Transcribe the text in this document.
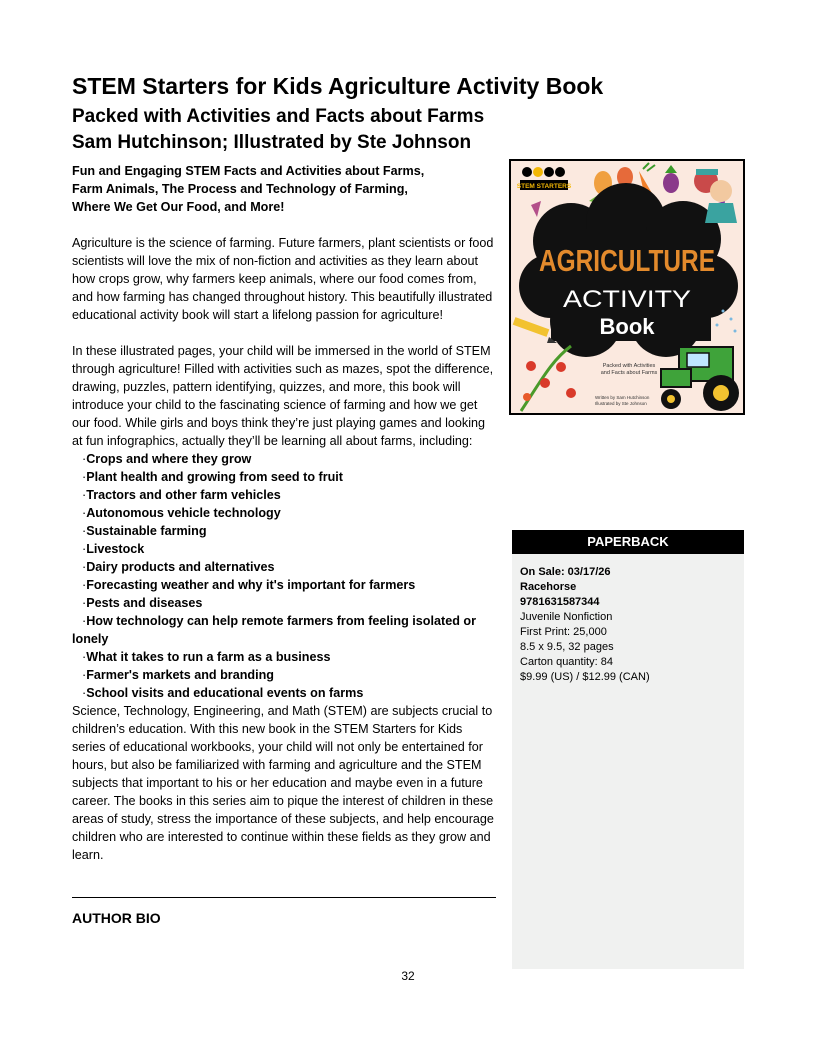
STEM Starters for Kids Agriculture Activity Book
Packed with Activities and Facts about Farms
Sam Hutchinson; Illustrated by Ste Johnson

Fun and Engaging STEM Facts and Activities about Farms,
Farm Animals, The Process and Technology of Farming,
Where We Get Our Food, and More!

Agriculture is the science of farming. Future farmers, plant scientists or food scientists will love the mix of non-fiction and activities as they learn about how crops grow, why farmers keep animals, where our food comes from, and how farming has changed throughout history. This beautifully illustrated educational activity book will start a lifelong passion for agriculture!

In these illustrated pages, your child will be immersed in the world of STEM through agriculture! Filled with activities such as mazes, spot the difference, drawing, puzzles, pattern identifying, quizzes, and more, this book will introduce your child to the fascinating science of farming and how we get our food. While girls and boys think they’re just playing games and looking at fun infographics, actually they’ll be learning all about farms, including:

·Crops and where they grow
·Plant health and growing from seed to fruit
·Tractors and other farm vehicles
·Autonomous vehicle technology
·Sustainable farming
·Livestock
·Dairy products and alternatives
·Forecasting weather and why it's important for farmers
·Pests and diseases
·How technology can help remote farmers from feeling isolated or lonely
·What it takes to run a farm as a business
·Farmer's markets and branding
·School visits and educational events on farms

Science, Technology, Engineering, and Math (STEM) are subjects crucial to children’s education. With this new book in the STEM Starters for Kids series of educational workbooks, your child will not only be entertained for hours, but also be familiarized with farming and agriculture and the STEM subjects that important to his or her education and maybe even in a future career. The books in this series aim to pique the interest of children in these areas of study, stress the importance of these subjects, and help encourage children who are interested to continue within these fields as they grow and learn.

AUTHOR BIO
STEM STARTERS
AGRICULTURE
ACTIVITY
Book
Packed with Activities
and Facts about Farms
Written by Sam Hutchinson
Illustrated by Ste Johnson
PAPERBACK
On Sale: 03/17/26
Racehorse
9781631587344
Juvenile Nonfiction
First Print: 25,000
8.5 x 9.5, 32 pages
Carton quantity: 84
$9.99 (US) / $12.99 (CAN)
32
